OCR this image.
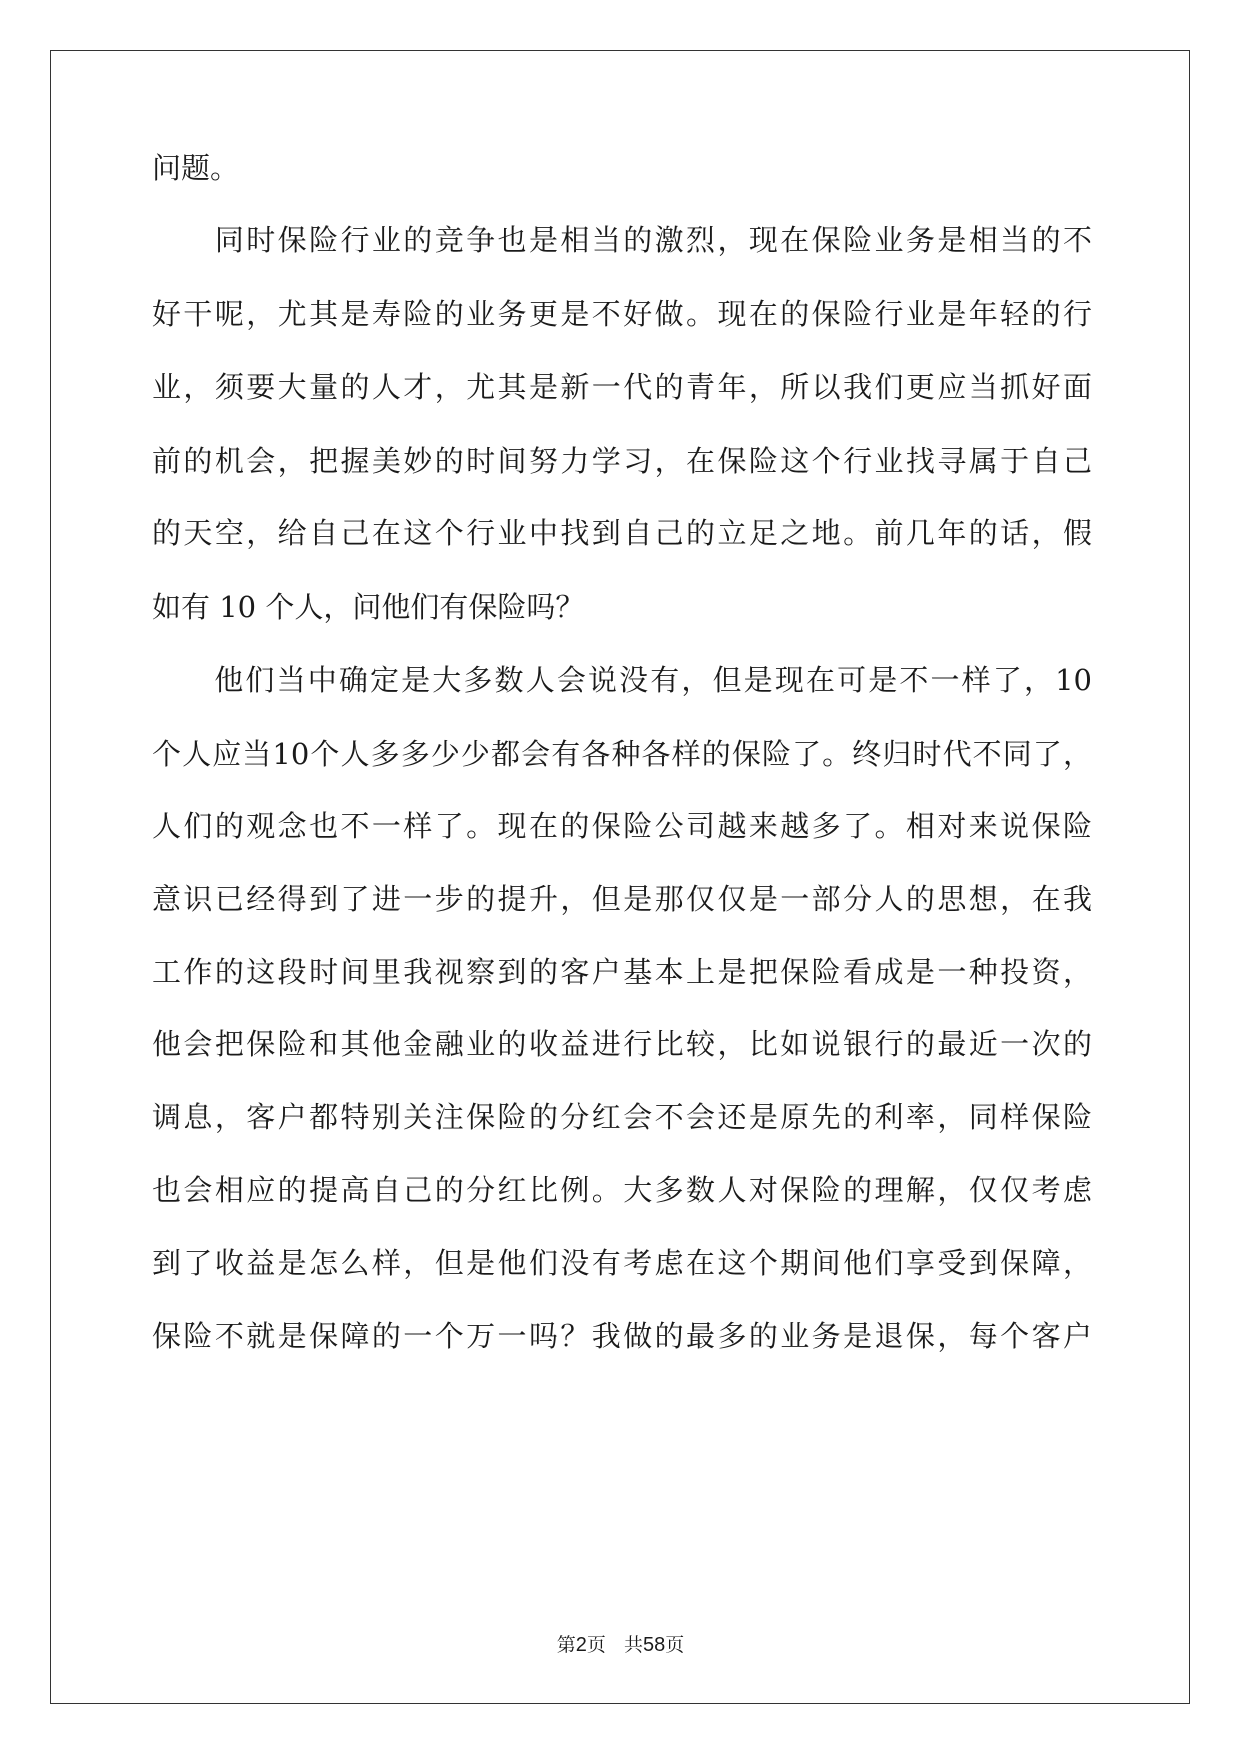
问题。
　　同时保险行业的竞争也是相当的激烈，现在保险业务是相当的不
好干呢，尤其是寿险的业务更是不好做。现在的保险行业是年轻的行
业，须要大量的人才，尤其是新一代的青年，所以我们更应当抓好面
前的机会，把握美妙的时间努力学习，在保险这个行业找寻属于自己
的天空，给自己在这个行业中找到自己的立足之地。前几年的话，假
如有 10 个人，问他们有保险吗？
　　他们当中确定是大多数人会说没有，但是现在可是不一样了，10
个人应当10个人多多少少都会有各种各样的保险了。终归时代不同了，
人们的观念也不一样了。现在的保险公司越来越多了。相对来说保险
意识已经得到了进一步的提升，但是那仅仅是一部分人的思想，在我
工作的这段时间里我视察到的客户基本上是把保险看成是一种投资，
他会把保险和其他金融业的收益进行比较，比如说银行的最近一次的
调息，客户都特别关注保险的分红会不会还是原先的利率，同样保险
也会相应的提高自己的分红比例。大多数人对保险的理解，仅仅考虑
到了收益是怎么样，但是他们没有考虑在这个期间他们享受到保障，
保险不就是保障的一个万一吗？我做的最多的业务是退保，每个客户
第2页 共58页
